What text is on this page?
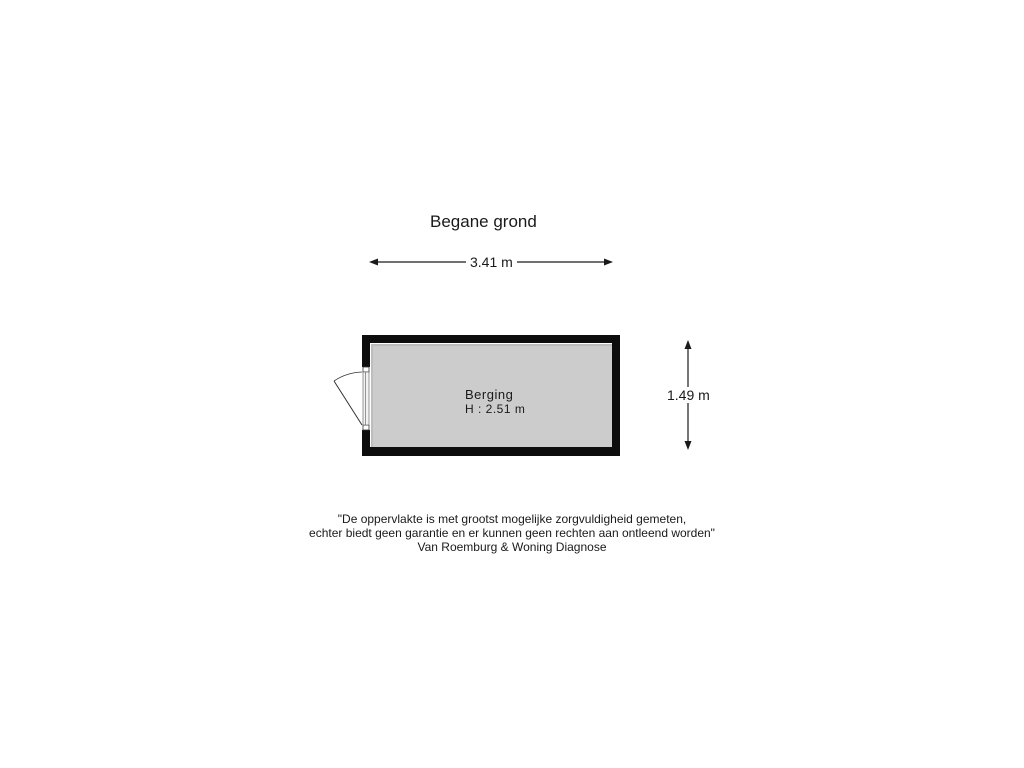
Begane grond
3.41 m
1.49 m
Berging
H : 2.51 m
"De oppervlakte is met grootst mogelijke zorgvuldigheid gemeten,
echter biedt geen garantie en er kunnen geen rechten aan ontleend worden"
Van Roemburg & Woning Diagnose
